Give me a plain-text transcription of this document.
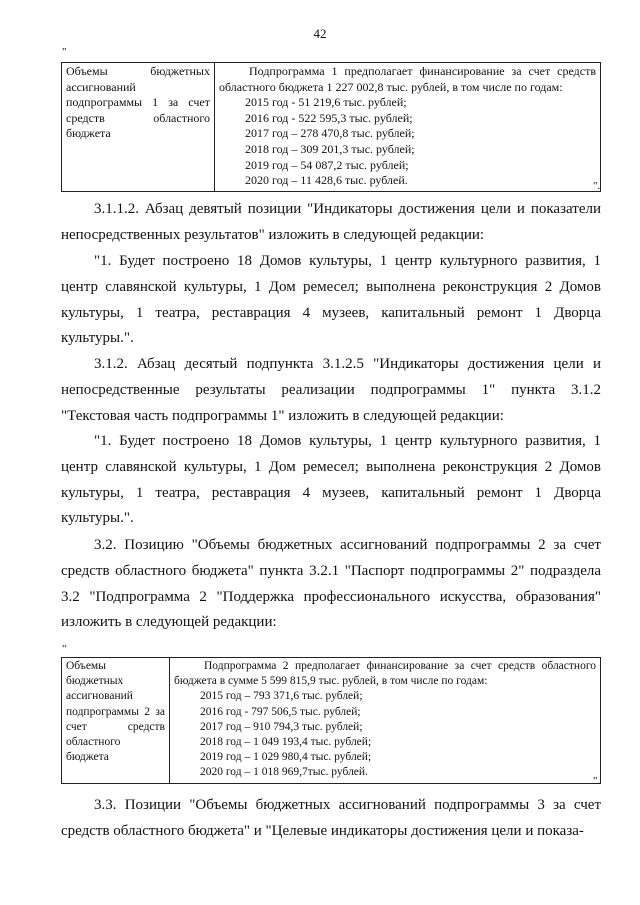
42
"
Объемы бюджетных ассигнований подпрограммы 1 за счет средств областного бюджета

Подпрограмма 1 предполагает финансирование за счет средств областного бюджета 1 227 002,8 тыс. рублей, в том числе по годам:
2015 год - 51 219,6 тыс. рублей;
2016 год - 522 595,3 тыс. рублей;
2017 год – 278 470,8 тыс. рублей;
2018 год – 309 201,3 тыс. рублей;
2019 год – 54 087,2 тыс. рублей;
2020 год – 11 428,6 тыс. рублей.	".

3.1.1.2. Абзац девятый позиции "Индикаторы достижения цели и показатели непосредственных результатов" изложить в следующей редакции:

"1. Будет построено 18 Домов культуры, 1 центр культурного развития, 1 центр славянской культуры, 1 Дом ремесел; выполнена реконструкция 2 Домов культуры, 1 театра, реставрация 4 музеев, капитальный ремонт 1 Дворца культуры.".

3.1.2. Абзац десятый подпункта 3.1.2.5 "Индикаторы достижения цели и непосредственные результаты реализации подпрограммы 1" пункта 3.1.2 "Текстовая часть подпрограммы 1" изложить в следующей редакции:

"1. Будет построено 18 Домов культуры, 1 центр культурного развития, 1 центр славянской культуры, 1 Дом ремесел; выполнена реконструкция 2 Домов культуры, 1 театра, реставрация 4 музеев, капитальный ремонт 1 Дворца культуры.".

3.2. Позицию "Объемы бюджетных ассигнований подпрограммы 2 за счет средств областного бюджета" пункта 3.2.1 "Паспорт подпрограммы 2" подраздела 3.2 "Подпрограмма 2 "Поддержка профессионального искусства, образования" изложить в следующей редакции:

"
Объемы бюджетных ассигнований подпрограммы 2 за счет средств областного бюджета

Подпрограмма 2 предполагает финансирование за счет средств областного бюджета в сумме 5 599 815,9 тыс. рублей, в том числе по годам:
2015 год – 793 371,6 тыс. рублей;
2016 год - 797 506,5 тыс. рублей;
2017 год – 910 794,3 тыс. рублей;
2018 год – 1 049 193,4 тыс. рублей;
2019 год – 1 029 980,4 тыс. рублей;
2020 год – 1 018 969,7тыс. рублей.
".

3.3. Позиции "Объемы бюджетных ассигнований подпрограммы 3 за счет средств областного бюджета" и "Целевые индикаторы достижения цели и показа-
